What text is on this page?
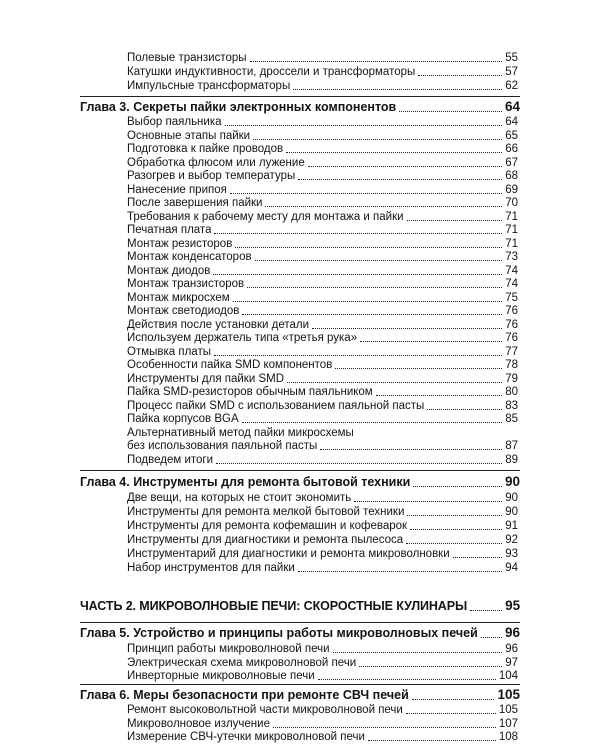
Полевые транзисторы	55
Катушки индуктивности, дроссели и трансформаторы	57
Импульсные трансформаторы	62
Глава 3. Секреты пайки электронных компонентов	64
Выбор паяльника	64
Основные этапы пайки	65
Подготовка к пайке проводов	66
Обработка флюсом или лужение	67
Разогрев и выбор температуры	68
Нанесение припоя	69
После завершения пайки	70
Требования к рабочему месту для монтажа и пайки	71
Печатная плата	71
Монтаж резисторов	71
Монтаж конденсаторов	73
Монтаж диодов	74
Монтаж транзисторов	74
Монтаж микросхем	75
Монтаж светодиодов	76
Действия после установки детали	76
Используем держатель типа «третья рука»	76
Отмывка платы	77
Особенности пайка SMD компонентов	78
Инструменты для пайки SMD	79
Пайка SMD-резисторов обычным паяльником	80
Процесс пайки SMD с использованием паяльной пасты	83
Пайка корпусов BGA	85
Альтернативный метод пайки микросхемы
без использования паяльной пасты	87
Подведем итоги	89
Глава 4. Инструменты для ремонта бытовой техники	90
Две вещи, на которых не стоит экономить	90
Инструменты для ремонта мелкой бытовой техники	90
Инструменты для ремонта кофемашин и кофеварок	91
Инструменты для диагностики и ремонта пылесоса	92
Инструментарий для диагностики и ремонта микроволновки	93
Набор инструментов для пайки	94
ЧАСТЬ 2. МИКРОВОЛНОВЫЕ ПЕЧИ: СКОРОСТНЫЕ КУЛИНАРЫ	95
Глава 5. Устройство и принципы работы микроволновых печей 96
Принцип работы микроволновой печи	96
Электрическая схема микроволновой печи	97
Инверторные микроволновые печи	104
Глава 6. Меры безопасности при ремонте СВЧ печей	105
Ремонт высоковольтной части микроволновой печи	105
Микроволновое излучение	107
Измерение СВЧ-утечки микроволновой печи	108
